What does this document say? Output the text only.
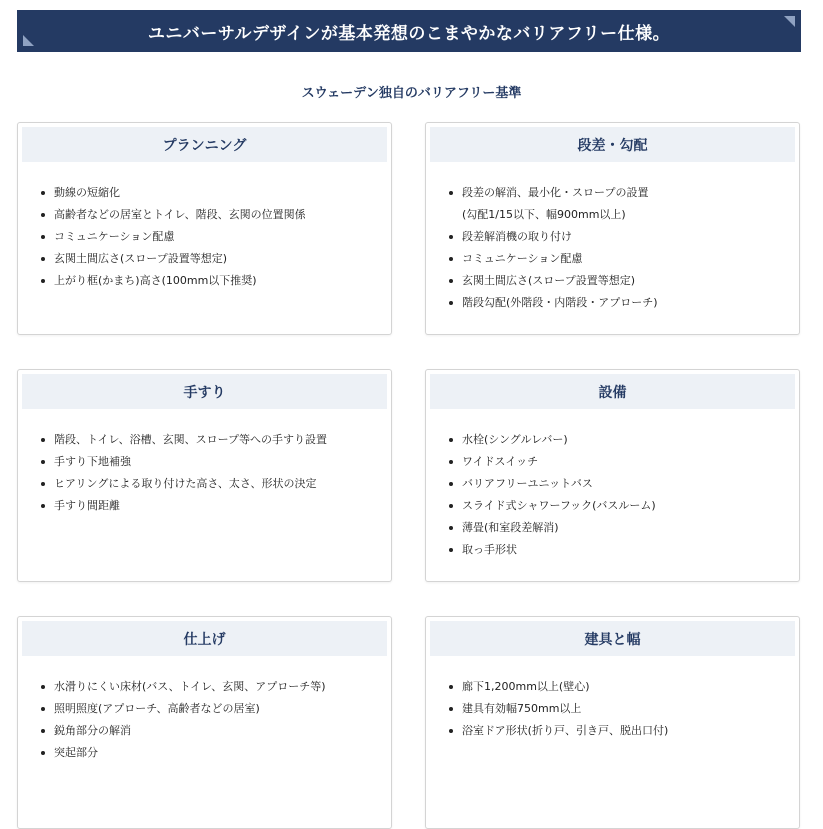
ユニバーサルデザインが基本発想のこまやかなバリアフリー仕様。
スウェーデン独自のバリアフリー基準
プランニング
動線の短縮化
高齢者などの居室とトイレ、階段、玄関の位置関係
コミュニケーション配慮
玄関土間広さ(スロープ設置等想定)
上がり框(かまち)高さ(100mm以下推奨)
段差・勾配
段差の解消、最小化・スロープの設置
(勾配1/15以下、幅900mm以上)
段差解消機の取り付け
コミュニケーション配慮
玄関土間広さ(スロープ設置等想定)
階段勾配(外階段・内階段・アプローチ)
手すり
階段、トイレ、浴槽、玄関、スロープ等への手すり設置
手すり下地補強
ヒアリングによる取り付けた高さ、太さ、形状の決定
手すり間距離
設備
水栓(シングルレバー)
ワイドスイッチ
バリアフリーユニットバス
スライド式シャワーフック(バスルーム)
薄畳(和室段差解消)
取っ手形状
仕上げ
水滑りにくい床材(バス、トイレ、玄関、アプローチ等)
照明照度(アプローチ、高齢者などの居室)
鋭角部分の解消
突起部分
建具と幅
廊下1,200mm以上(壁心)
建具有効幅750mm以上
浴室ドア形状(折り戸、引き戸、脱出口付)
